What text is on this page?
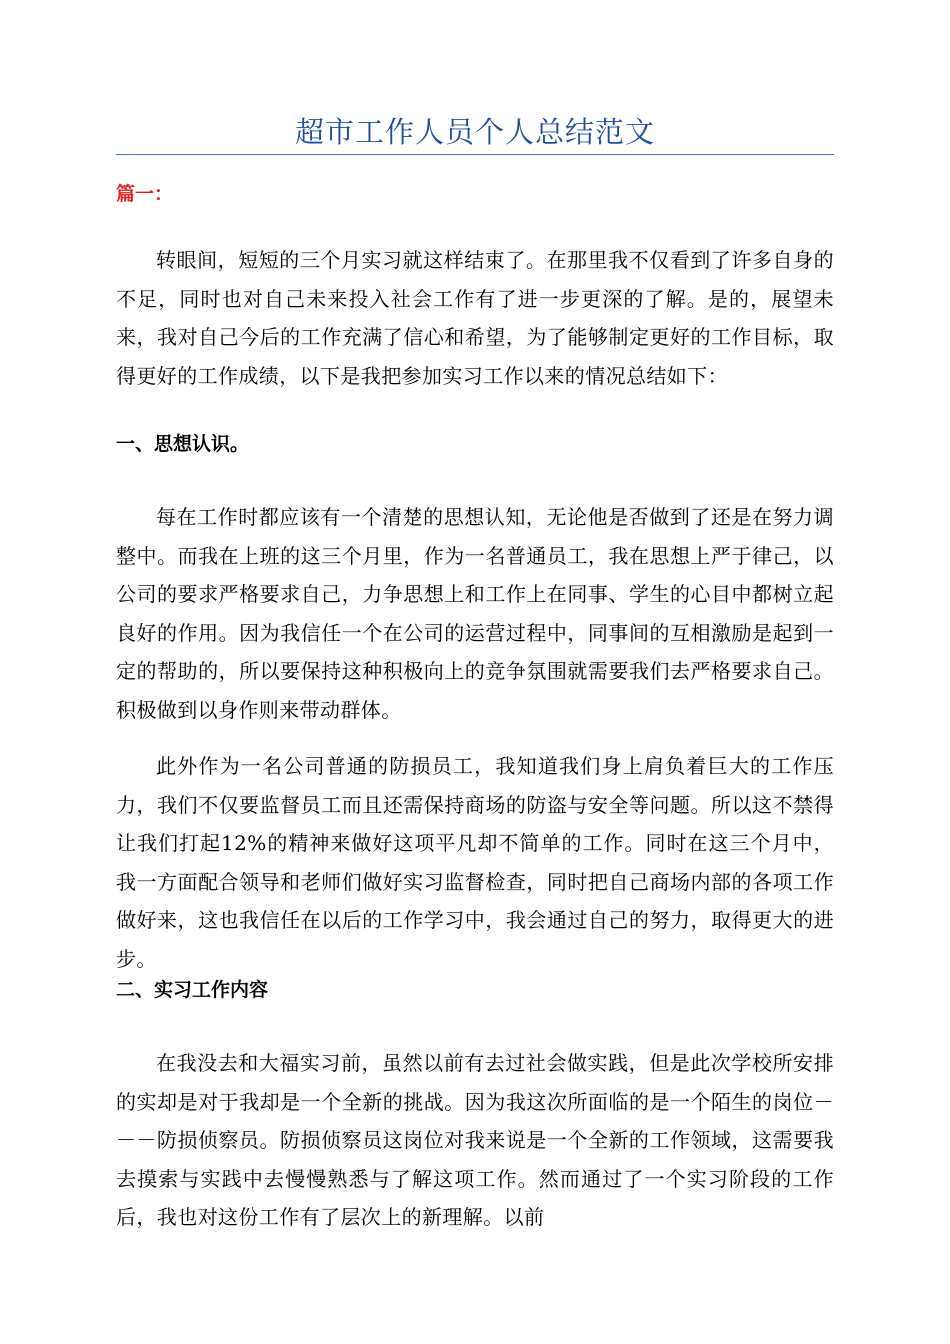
超市工作人员个人总结范文
篇一：

转眼间，短短的三个月实习就这样结束了。在那里我不仅看到了许多自身的不足，同时也对自己未来投入社会工作有了进一步更深的了解。是的，展望未来，我对自己今后的工作充满了信心和希望，为了能够制定更好的工作目标，取得更好的工作成绩，以下是我把参加实习工作以来的情况总结如下：

一、思想认识。

每在工作时都应该有一个清楚的思想认知，无论他是否做到了还是在努力调整中。而我在上班的这三个月里，作为一名普通员工，我在思想上严于律己，以公司的要求严格要求自己，力争思想上和工作上在同事、学生的心目中都树立起良好的作用。因为我信任一个在公司的运营过程中，同事间的互相激励是起到一定的帮助的，所以要保持这种积极向上的竞争氛围就需要我们去严格要求自己。积极做到以身作则来带动群体。

此外作为一名公司普通的防损员工，我知道我们身上肩负着巨大的工作压力，我们不仅要监督员工而且还需保持商场的防盗与安全等问题。所以这不禁得让我们打起12%的精神来做好这项平凡却不简单的工作。同时在这三个月中，我一方面配合领导和老师们做好实习监督检查，同时把自己商场内部的各项工作做好来，这也我信任在以后的工作学习中，我会通过自己的努力，取得更大的进步。

二、实习工作内容

在我没去和大福实习前，虽然以前有去过社会做实践，但是此次学校所安排的实却是对于我却是一个全新的挑战。因为我这次所面临的是一个陌生的岗位－－－防损侦察员。防损侦察员这岗位对我来说是一个全新的工作领域，这需要我去摸索与实践中去慢慢熟悉与了解这项工作。然而通过了一个实习阶段的工作后，我也对这份工作有了层次上的新理解。以前
